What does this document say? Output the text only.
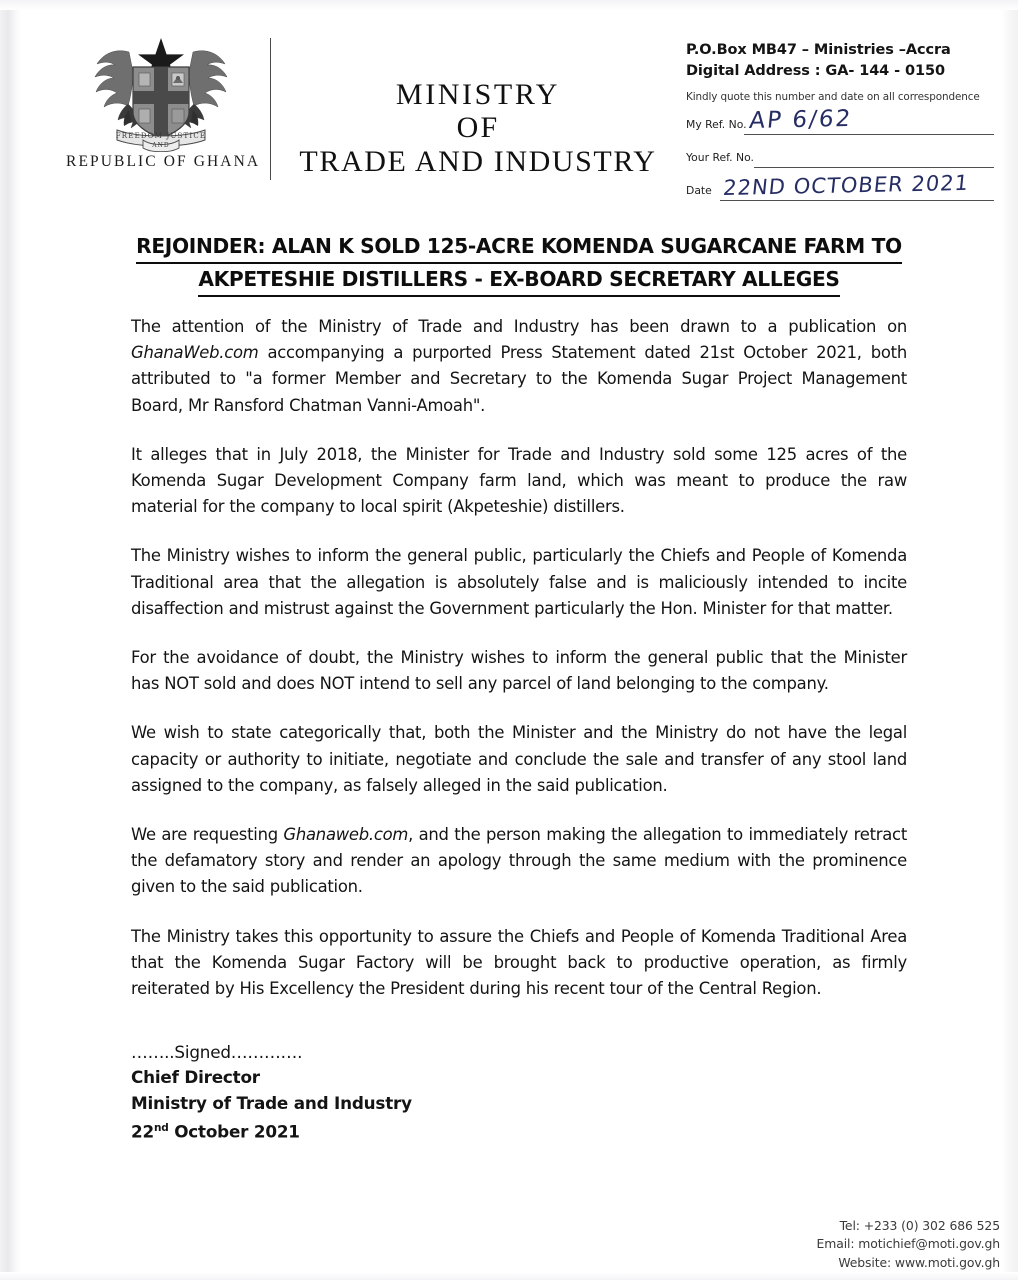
FREEDOM JUSTICE
AND
REPUBLIC OF GHANA
MINISTRY
OF
TRADE AND INDUSTRY
P.O.Box MB47 – Ministries –Accra
Digital Address : GA- 144 - 0150
Kindly quote this number and date on all correspondence
My Ref. No. AP 6/62
Your Ref. No.
Date 22ND OCTOBER 2021
REJOINDER: ALAN K SOLD 125-ACRE KOMENDA SUGARCANE FARM TO
AKPETESHIE DISTILLERS - EX-BOARD SECRETARY ALLEGES

The attention of the Ministry of Trade and Industry has been drawn to a publication on GhanaWeb.com accompanying a purported Press Statement dated 21st October 2021, both attributed to "a former Member and Secretary to the Komenda Sugar Project Management Board, Mr Ransford Chatman Vanni-Amoah".

It alleges that in July 2018, the Minister for Trade and Industry sold some 125 acres of the Komenda Sugar Development Company farm land, which was meant to produce the raw material for the company to local spirit (Akpeteshie) distillers.

The Ministry wishes to inform the general public, particularly the Chiefs and People of Komenda Traditional area that the allegation is absolutely false and is maliciously intended to incite disaffection and mistrust against the Government particularly the Hon. Minister for that matter.

For the avoidance of doubt, the Ministry wishes to inform the general public that the Minister has NOT sold and does NOT intend to sell any parcel of land belonging to the company.

We wish to state categorically that, both the Minister and the Ministry do not have the legal capacity or authority to initiate, negotiate and conclude the sale and transfer of any stool land assigned to the company, as falsely alleged in the said publication.

We are requesting Ghanaweb.com, and the person making the allegation to immediately retract the defamatory story and render an apology through the same medium with the prominence given to the said publication.

The Ministry takes this opportunity to assure the Chiefs and People of Komenda Traditional Area that the Komenda Sugar Factory will be brought back to productive operation, as firmly reiterated by His Excellency the President during his recent tour of the Central Region.

……..Signed………….
Chief Director
Ministry of Trade and Industry
22nd October 2021
Tel: +233 (0) 302 686 525
Email: motichief@moti.gov.gh
Website: www.moti.gov.gh
